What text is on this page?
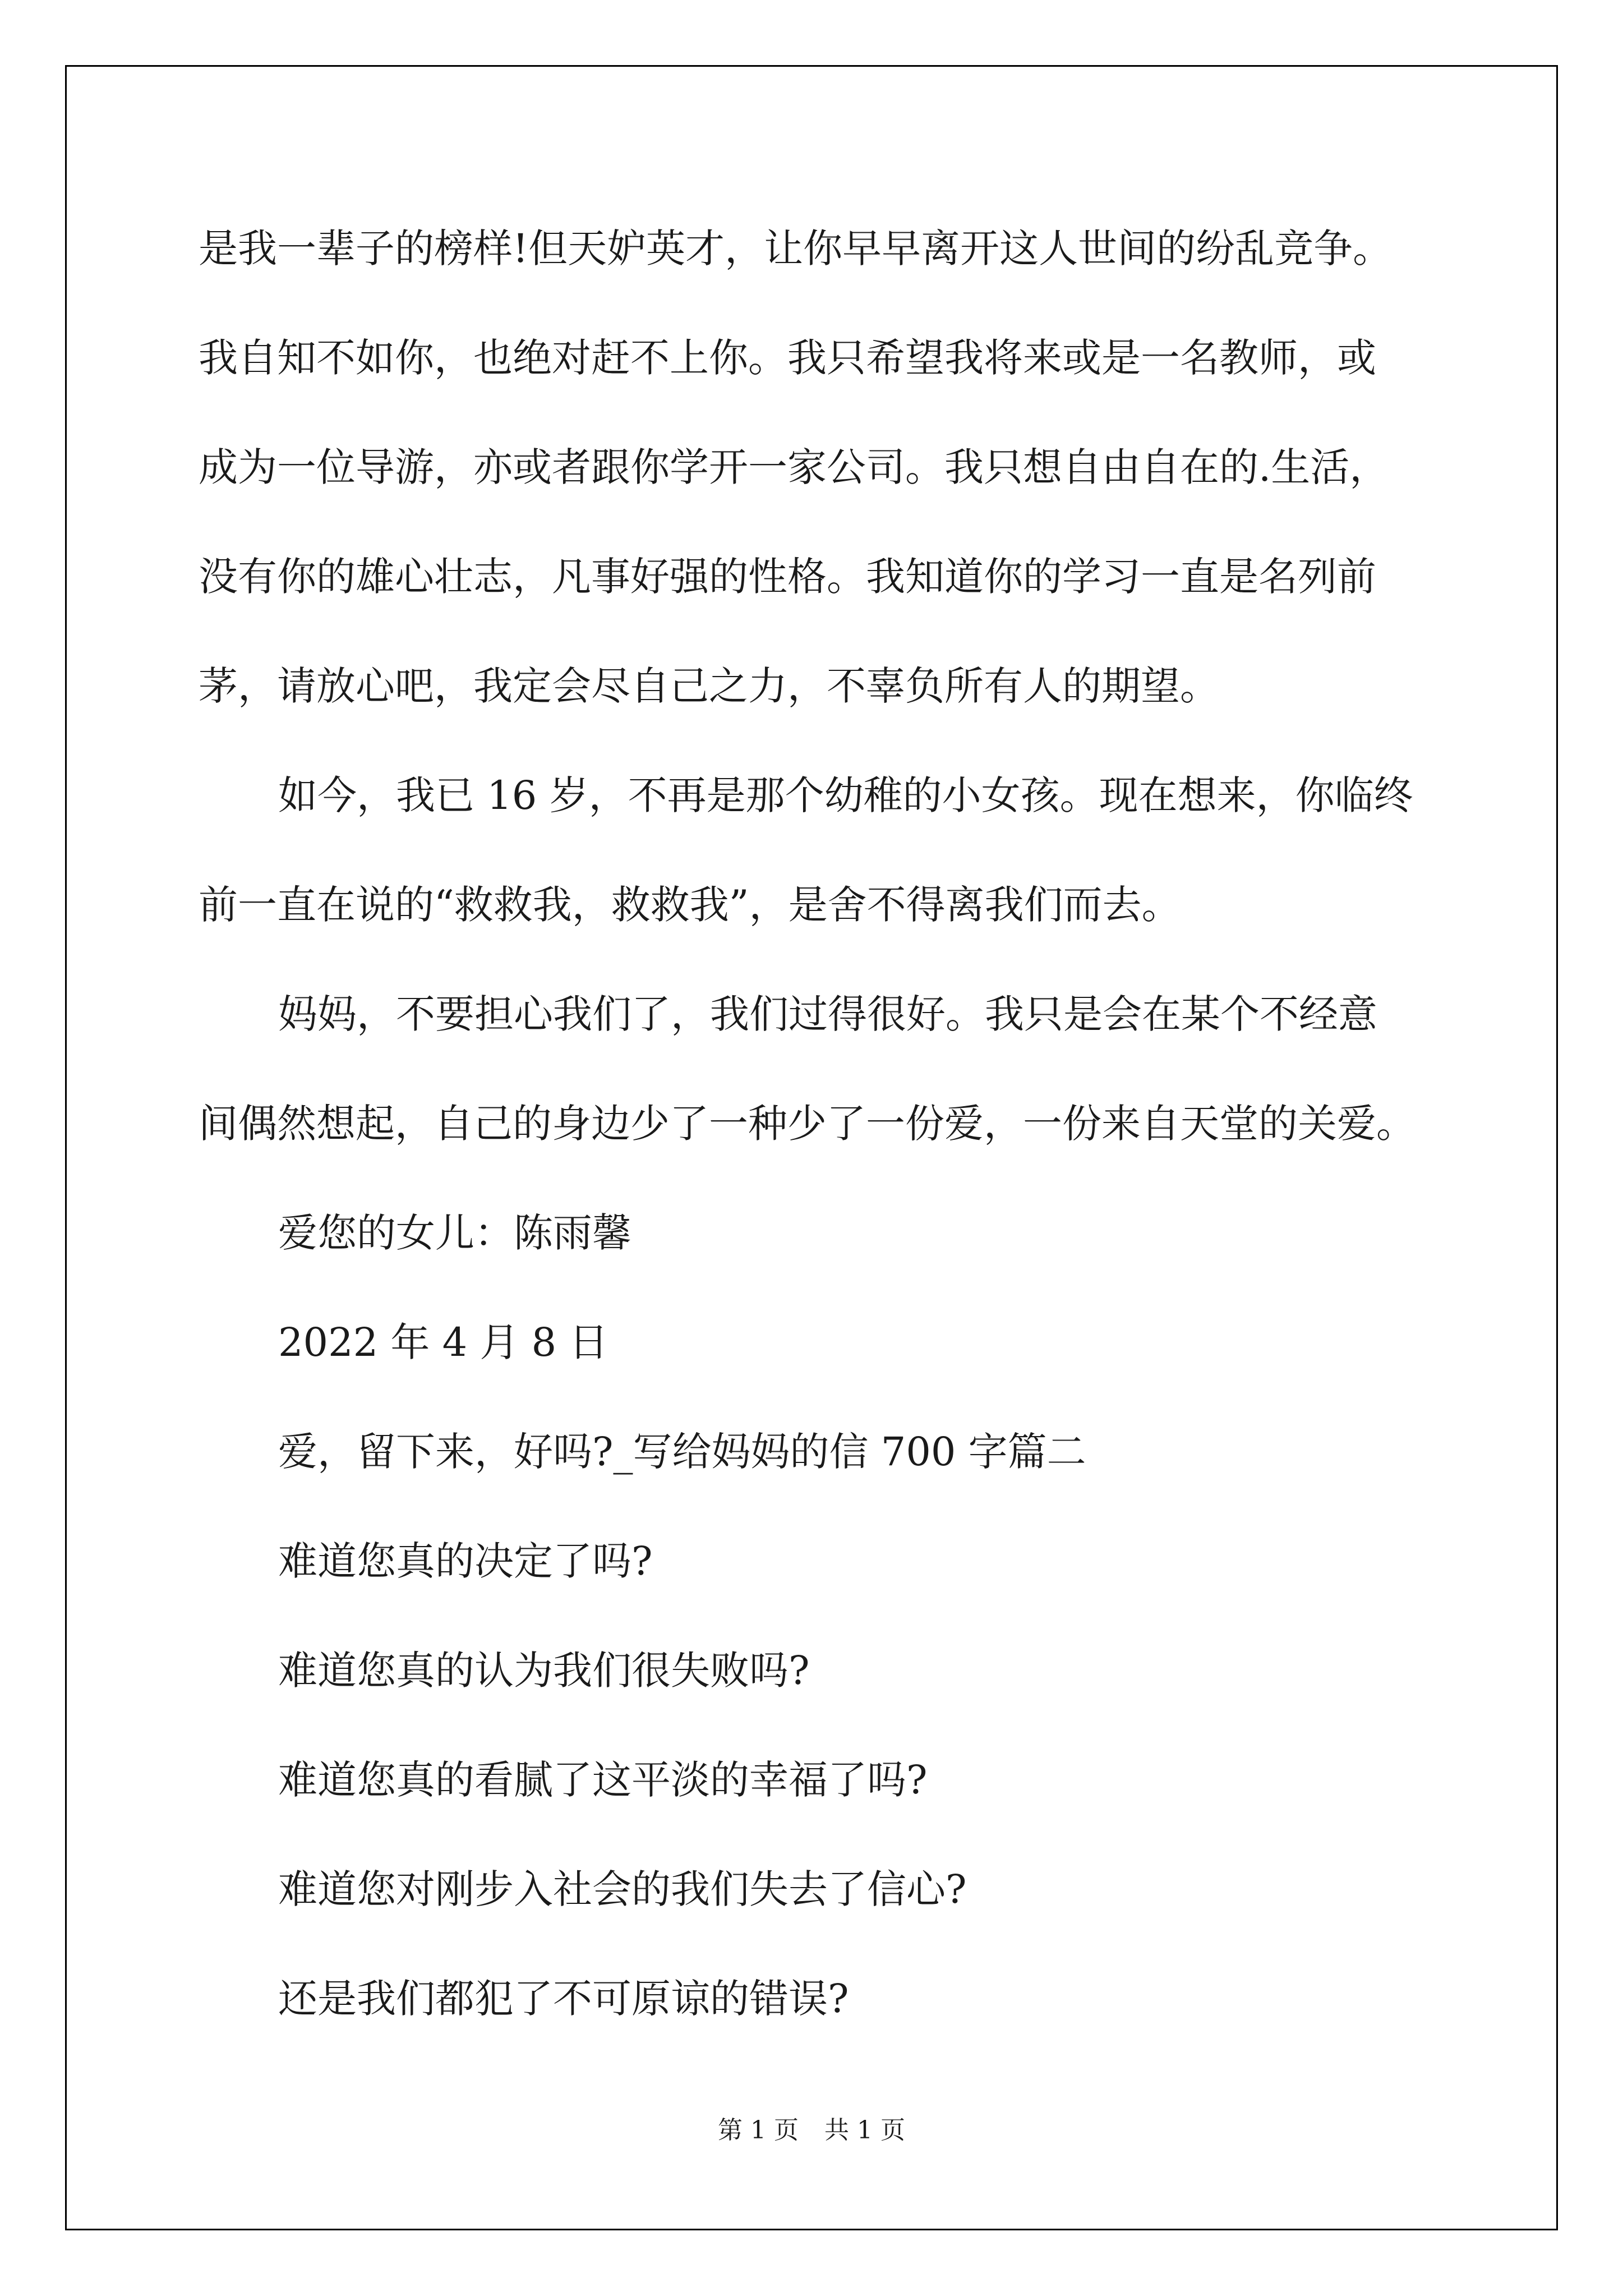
是我一辈子的榜样!但天妒英才，让你早早离开这人世间的纷乱竞争。
我自知不如你，也绝对赶不上你。我只希望我将来或是一名教师，或
成为一位导游，亦或者跟你学开一家公司。我只想自由自在的.生活，
没有你的雄心壮志，凡事好强的性格。我知道你的学习一直是名列前
茅，请放心吧，我定会尽自己之力，不辜负所有人的期望。
如今，我已 16 岁，不再是那个幼稚的小女孩。现在想来，你临终
前一直在说的“救救我，救救我”，是舍不得离我们而去。
妈妈，不要担心我们了，我们过得很好。我只是会在某个不经意
间偶然想起，自己的身边少了一种少了一份爱，一份来自天堂的关爱。
爱您的女儿：陈雨馨
2022 年 4 月 8 日
爱，留下来，好吗?_写给妈妈的信 700 字篇二
难道您真的决定了吗?
难道您真的认为我们很失败吗?
难道您真的看腻了这平淡的幸福了吗?
难道您对刚步入社会的我们失去了信心?
还是我们都犯了不可原谅的错误?
第 1 页 共 1 页
